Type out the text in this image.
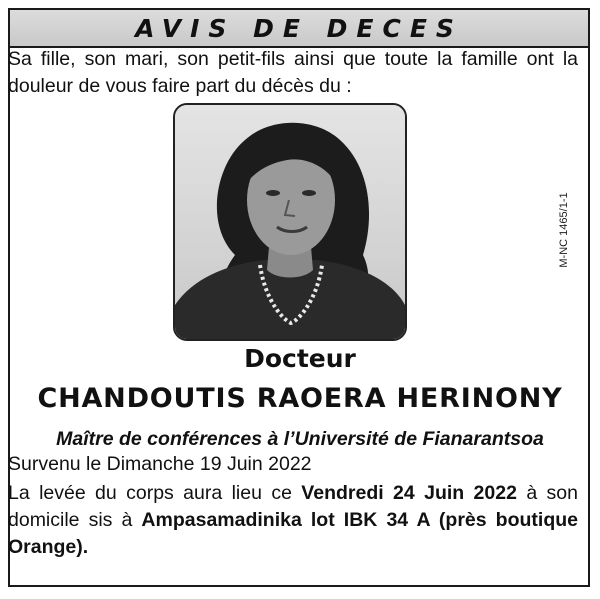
AVIS DE DECES
Sa fille, son mari, son petit-fils ainsi que toute la famille ont la douleur de vous faire part du décès du :
M-NC 1465/1-1
Docteur
CHANDOUTIS RAOERA HERINONY
Maître de conférences à l’Université de Fianarantsoa
Survenu le Dimanche 19 Juin 2022
La levée du corps aura lieu ce Vendredi 24 Juin 2022 à son domicile sis à Ampasamadinika lot IBK 34 A (près boutique Orange).
